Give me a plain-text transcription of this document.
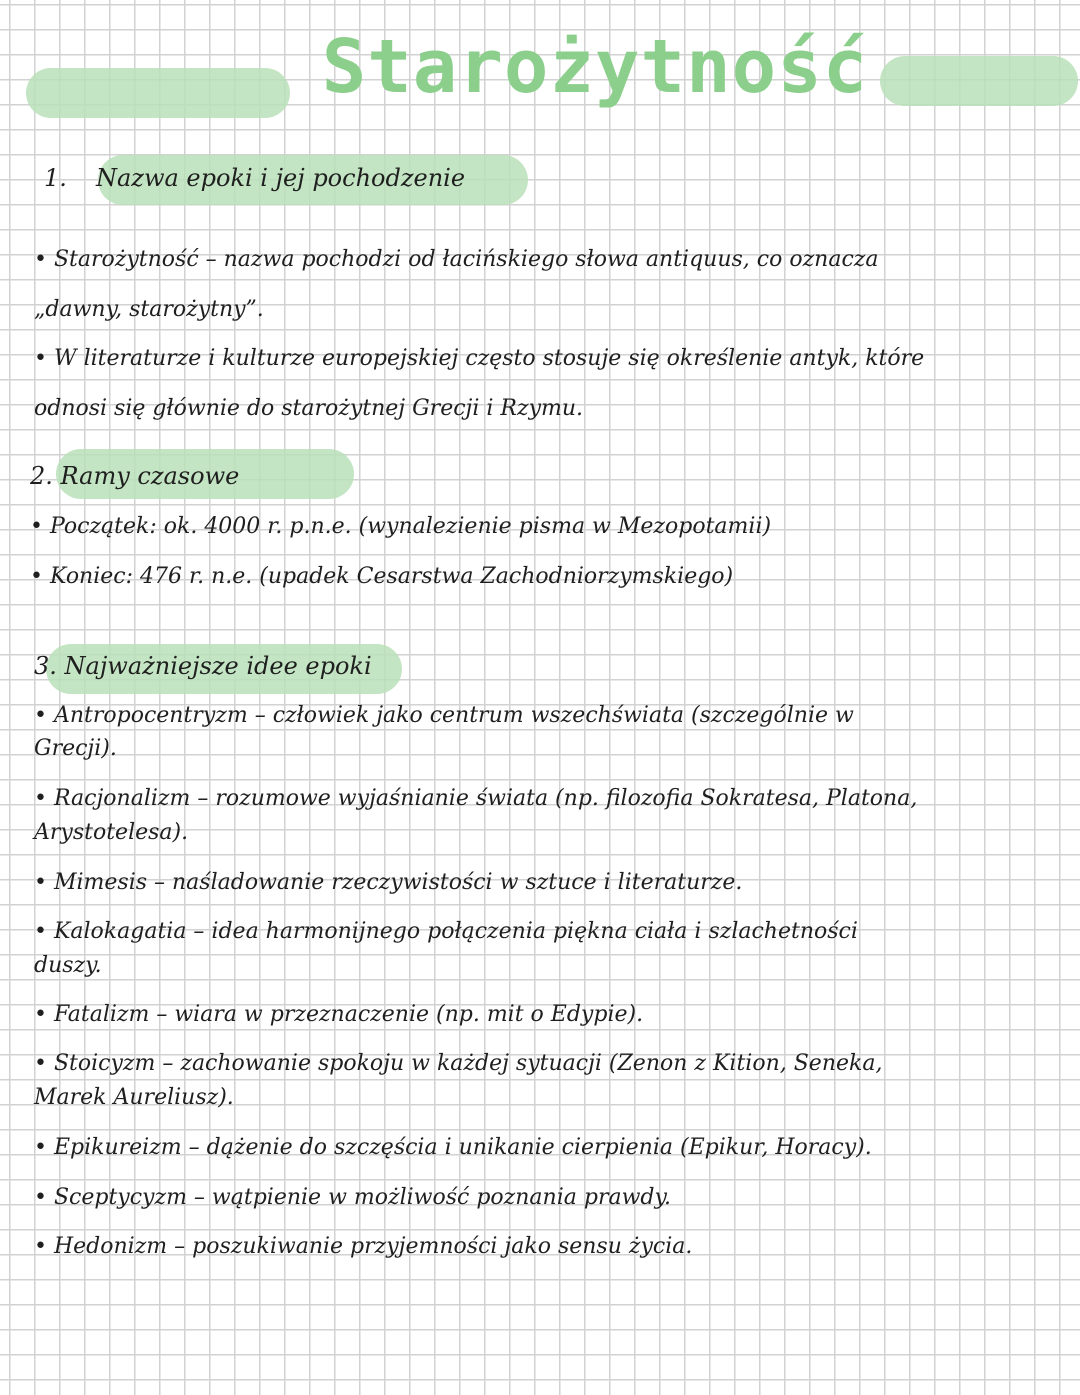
Starożytność

1. Nazwa epoki i jej pochodzenie

• Starożytność – nazwa pochodzi od łacińskiego słowa antiquus, co oznacza

„dawny, starożytny”.

• W literaturze i kulturze europejskiej często stosuje się określenie antyk, które

odnosi się głównie do starożytnej Grecji i Rzymu.

2. Ramy czasowe

• Początek: ok. 4000 r. p.n.e. (wynalezienie pisma w Mezopotamii)

• Koniec: 476 r. n.e. (upadek Cesarstwa Zachodniorzymskiego)

3. Najważniejsze idee epoki

• Antropocentryzm – człowiek jako centrum wszechświata (szczególnie w

Grecji).

• Racjonalizm – rozumowe wyjaśnianie świata (np. filozofia Sokratesa, Platona,

Arystotelesa).

• Mimesis – naśladowanie rzeczywistości w sztuce i literaturze.

• Kalokagatia – idea harmonijnego połączenia piękna ciała i szlachetności

duszy.

• Fatalizm – wiara w przeznaczenie (np. mit o Edypie).

• Stoicyzm – zachowanie spokoju w każdej sytuacji (Zenon z Kition, Seneka,

Marek Aureliusz).

• Epikureizm – dążenie do szczęścia i unikanie cierpienia (Epikur, Horacy).

• Sceptycyzm – wątpienie w możliwość poznania prawdy.

• Hedonizm – poszukiwanie przyjemności jako sensu życia.
